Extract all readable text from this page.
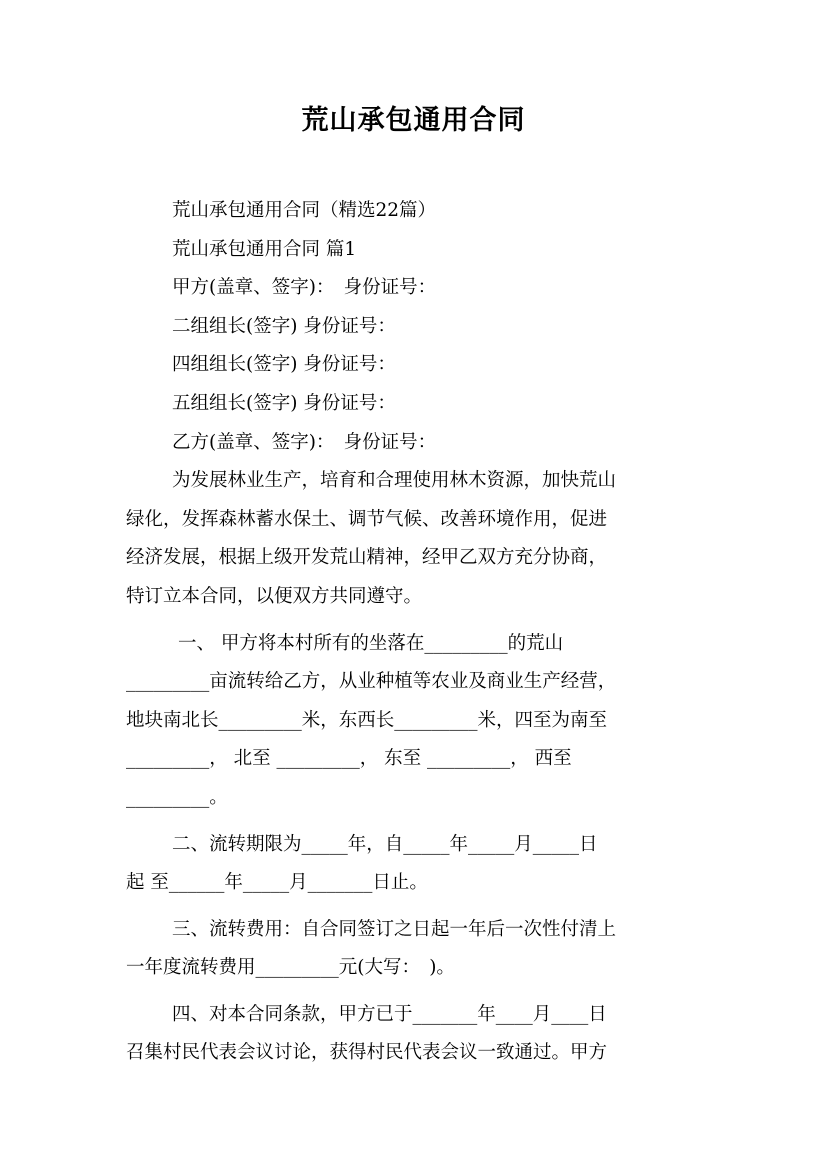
荒山承包通用合同
荒山承包通用合同（精选22篇）
荒山承包通用合同 篇1
甲方(盖章、签字)：　身份证号：
二组组长(签字) 身份证号：
四组组长(签字) 身份证号：
五组组长(签字) 身份证号：
乙方(盖章、签字)：　身份证号：
为发展林业生产，培育和合理使用林木资源，加快荒山
绿化，发挥森林蓄水保土、调节气候、改善环境作用，促进
经济发展，根据上级开发荒山精神，经甲乙双方充分协商，
特订立本合同，以便双方共同遵守。
一、 甲方将本村所有的坐落在_________的荒山
_________亩流转给乙方，从业种植等农业及商业生产经营，
地块南北长_________米，东西长_________米，四至为南至
_________， 北至 _________， 东至 _________， 西至
_________。
二、流转期限为_____年，自_____年_____月_____日
起 至______年_____月_______日止。
三、流转费用：自合同签订之日起一年后一次性付清上
一年度流转费用_________元(大写：　)。
四、对本合同条款，甲方已于_______年____月____日
召集村民代表会议讨论，获得村民代表会议一致通过。甲方
